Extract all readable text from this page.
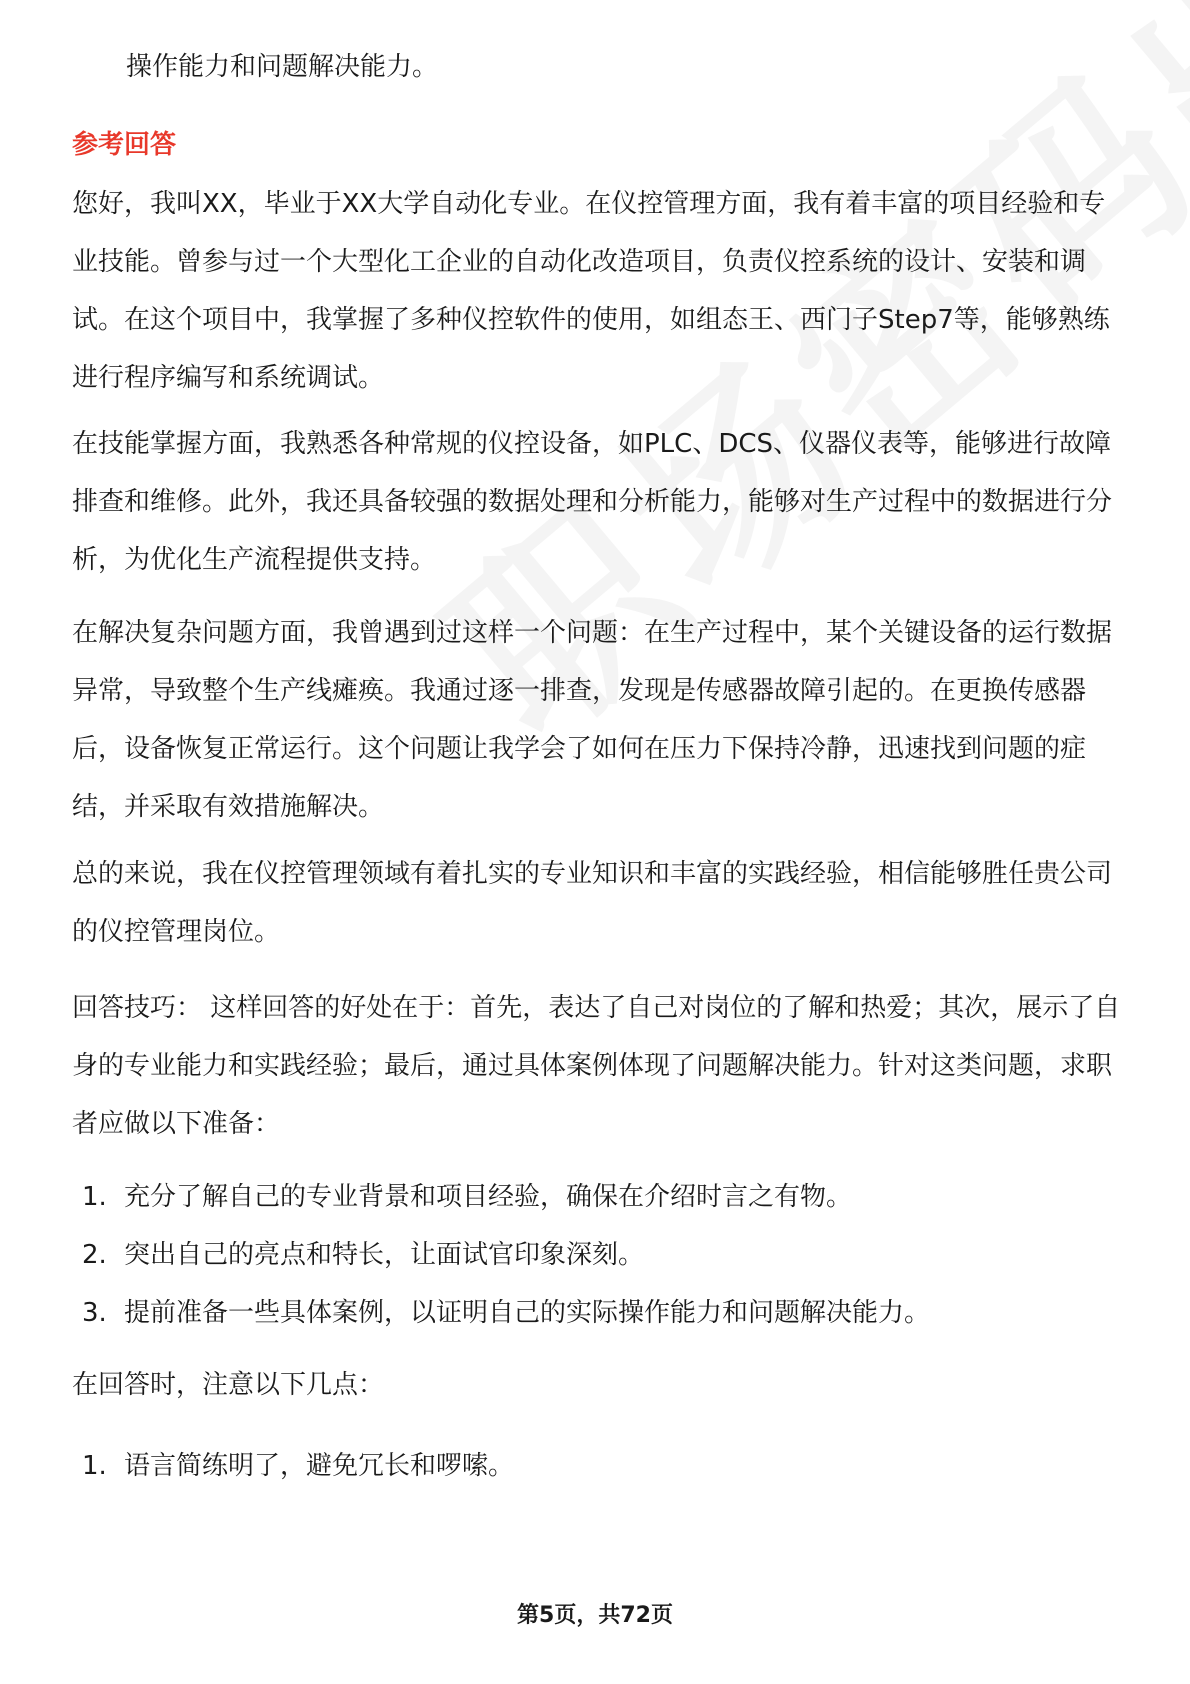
操作能力和问题解决能力。
参考回答
您好，我叫XX，毕业于XX大学自动化专业。在仪控管理方面，我有着丰富的项目经验和专业技能。曾参与过一个大型化工企业的自动化改造项目，负责仪控系统的设计、安装和调试。在这个项目中，我掌握了多种仪控软件的使用，如组态王、西门子Step7等，能够熟练进行程序编写和系统调试。
在技能掌握方面，我熟悉各种常规的仪控设备，如PLC、DCS、仪器仪表等，能够进行故障排查和维修。此外，我还具备较强的数据处理和分析能力，能够对生产过程中的数据进行分析，为优化生产流程提供支持。
在解决复杂问题方面，我曾遇到过这样一个问题：在生产过程中，某个关键设备的运行数据异常，导致整个生产线瘫痪。我通过逐一排查，发现是传感器故障引起的。在更换传感器后，设备恢复正常运行。这个问题让我学会了如何在压力下保持冷静，迅速找到问题的症结，并采取有效措施解决。
总的来说，我在仪控管理领域有着扎实的专业知识和丰富的实践经验，相信能够胜任贵公司的仪控管理岗位。
回答技巧： 这样回答的好处在于：首先，表达了自己对岗位的了解和热爱；其次，展示了自身的专业能力和实践经验；最后，通过具体案例体现了问题解决能力。针对这类问题，求职者应做以下准备：
1. 充分了解自己的专业背景和项目经验，确保在介绍时言之有物。
2. 突出自己的亮点和特长，让面试官印象深刻。
3. 提前准备一些具体案例，以证明自己的实际操作能力和问题解决能力。
在回答时，注意以下几点：
1. 语言简练明了，避免冗长和啰嗦。
第5页，共72页
